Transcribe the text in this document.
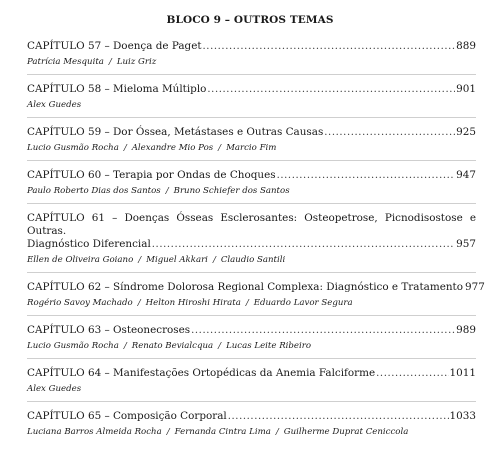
BLOCO 9 – OUTROS TEMAS
CAPÍTULO 57 – Doença de Paget .....	889
Patrícia Mesquita / Luiz Griz
CAPÍTULO 58 – Mieloma Múltiplo .....	901
Alex Guedes
CAPÍTULO 59 – Dor Óssea, Metástases e Outras Causas .....	925
Lucio Gusmão Rocha / Alexandre Mio Pos / Marcio Fim
CAPÍTULO 60 – Terapia por Ondas de Choques .....	947
Paulo Roberto Dias dos Santos / Bruno Schiefer dos Santos
CAPÍTULO 61 – Doenças Ósseas Esclerosantes: Osteopetrose, Picnodisostose e Outras.
Diagnóstico Diferencial .....	957
Ellen de Oliveira Goiano / Miguel Akkari / Claudio Santili
CAPÍTULO 62 – Síndrome Dolorosa Regional Complexa: Diagnóstico e Tratamento 977
Rogério Savoy Machado / Helton Hiroshi Hirata / Eduardo Lavor Segura
CAPÍTULO 63 – Osteonecroses .....	989
Lucio Gusmão Rocha / Renato Bevialcqua / Lucas Leite Ribeiro
CAPÍTULO 64 – Manifestações Ortopédicas da Anemia Falciforme .....	1011
Alex Guedes
CAPÍTULO 65 – Composição Corporal .....	1033
Luciana Barros Almeida Rocha / Fernanda Cintra Lima / Guilherme Duprat Ceniccola
